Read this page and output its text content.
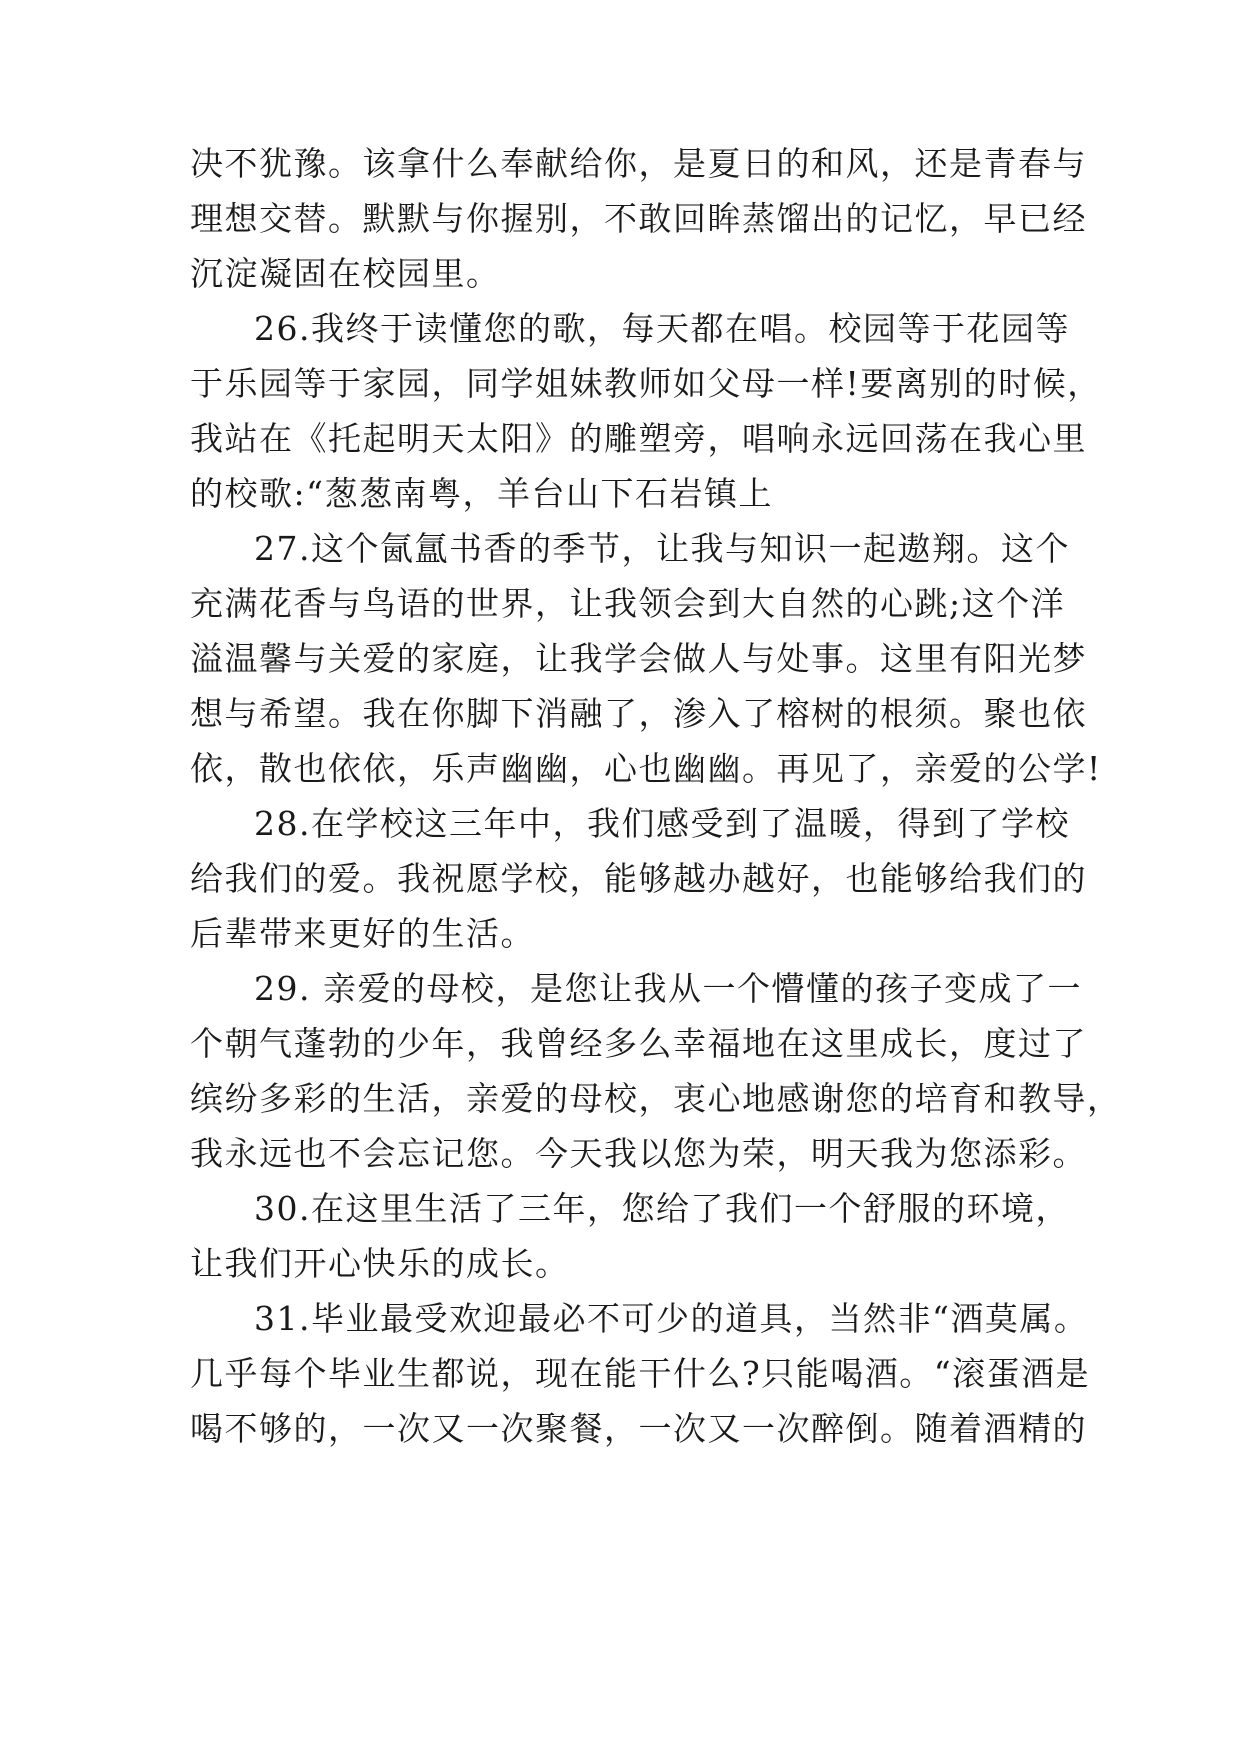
决不犹豫。该拿什么奉献给你，是夏日的和风，还是青春与
理想交替。默默与你握别，不敢回眸蒸馏出的记忆，早已经
沉淀凝固在校园里。
26.我终于读懂您的歌，每天都在唱。校园等于花园等
于乐园等于家园，同学姐妹教师如父母一样!要离别的时候，
我站在《托起明天太阳》的雕塑旁，唱响永远回荡在我心里
的校歌:“葱葱南粤，羊台山下石岩镇上
27.这个氤氲书香的季节，让我与知识一起遨翔。这个
充满花香与鸟语的世界，让我领会到大自然的心跳;这个洋
溢温馨与关爱的家庭，让我学会做人与处事。这里有阳光梦
想与希望。我在你脚下消融了，渗入了榕树的根须。聚也依
依，散也依依，乐声幽幽，心也幽幽。再见了，亲爱的公学!
28.在学校这三年中，我们感受到了温暖，得到了学校
给我们的爱。我祝愿学校，能够越办越好，也能够给我们的
后辈带来更好的生活。
29. 亲爱的母校，是您让我从一个懵懂的孩子变成了一
个朝气蓬勃的少年，我曾经多么幸福地在这里成长，度过了
缤纷多彩的生活，亲爱的母校，衷心地感谢您的培育和教导，
我永远也不会忘记您。今天我以您为荣，明天我为您添彩。
30.在这里生活了三年，您给了我们一个舒服的环境，
让我们开心快乐的成长。
31.毕业最受欢迎最必不可少的道具，当然非“酒莫属。
几乎每个毕业生都说，现在能干什么?只能喝酒。“滚蛋酒是
喝不够的，一次又一次聚餐，一次又一次醉倒。随着酒精的
